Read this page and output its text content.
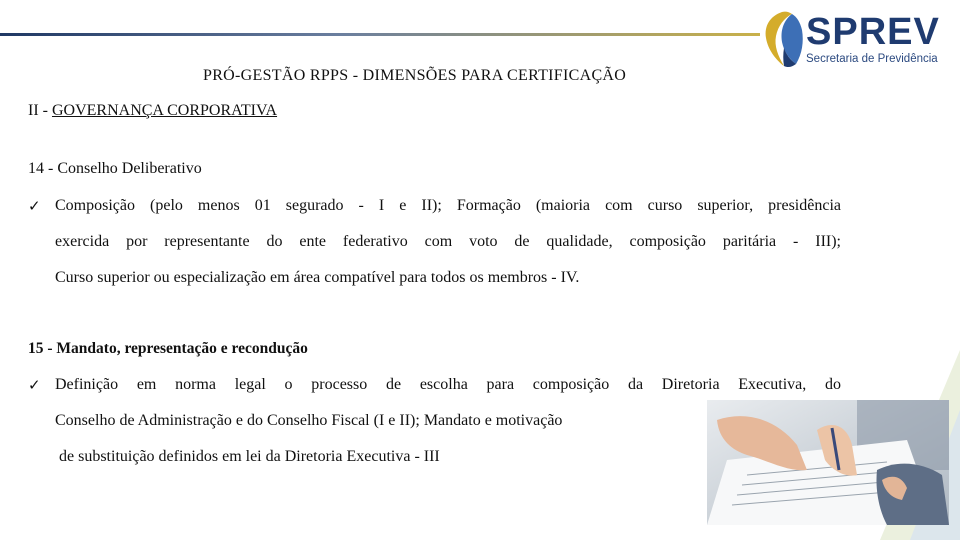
SPREV
Secretaria de Previdência
PRÓ-GESTÃO RPPS - DIMENSÕES PARA CERTIFICAÇÃO
II - GOVERNANÇA CORPORATIVA
14 - Conselho Deliberativo
✓ Composição (pelo menos 01 segurado - I e II); Formação (maioria com curso superior, presidência
exercida por representante do ente federativo com voto de qualidade, composição paritária - III);
Curso superior ou especialização em área compatível para todos os membros - IV.
15 - Mandato, representação e recondução
✓ Definição em norma legal o processo de escolha para composição da Diretoria Executiva, do
Conselho de Administração e do Conselho Fiscal (I e II); Mandato e motivação
de substituição definidos em lei da Diretoria Executiva - III
